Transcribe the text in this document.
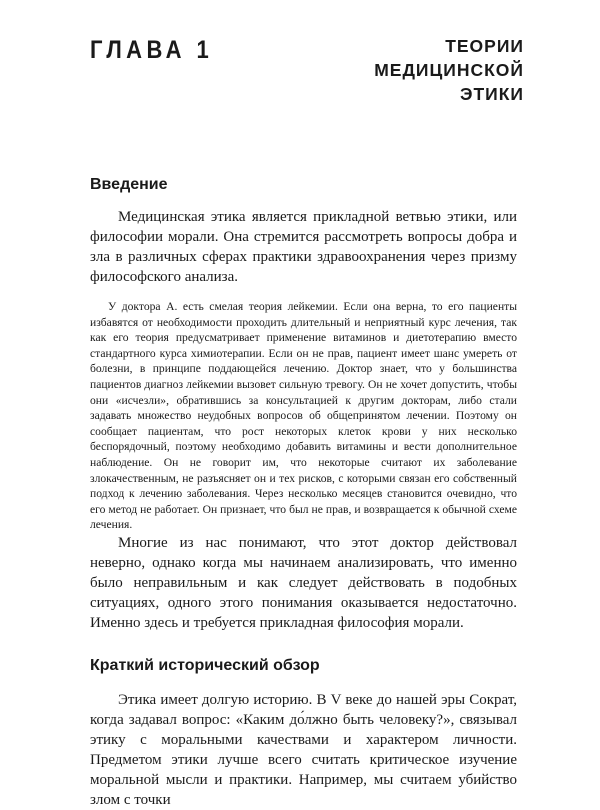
ГЛАВА 1	ТЕОРИИ
МЕДИЦИНСКОЙ
ЭТИКИ
Введение

Медицинская этика является прикладной ветвью этики, или философии морали. Она стремится рассмотреть вопросы добра и зла в различных сферах практики здравоохранения через призму философского анализа.

У доктора А. есть смелая теория лейкемии. Если она верна, то его пациенты избавятся от необходимости проходить длительный и неприятный курс лечения, так как его теория предусматривает применение витаминов и диетотерапию вместо стандартного курса химиотерапии. Если он не прав, пациент имеет шанс умереть от болезни, в принципе поддающейся лечению. Доктор знает, что у большинства пациентов диагноз лейкемии вызовет сильную тревогу. Он не хочет допустить, чтобы они «исчезли», обратившись за консультацией к другим докторам, либо стали задавать множество неудобных вопросов об общепринятом лечении. Поэтому он сообщает пациентам, что рост некоторых клеток крови у них несколько беспорядочный, поэтому необходимо добавить витамины и вести дополнительное наблюдение. Он не говорит им, что некоторые считают их заболевание злокачественным, не разъясняет он и тех рисков, с которыми связан его собственный подход к лечению заболевания. Через несколько месяцев становится очевидно, что его метод не работает. Он признает, что был не прав, и возвращается к обычной схеме лечения.

Многие из нас понимают, что этот доктор действовал неверно, однако когда мы начинаем анализировать, что именно было неправильным и как следует действовать в подобных ситуациях, одного этого понимания оказывается недостаточно. Именно здесь и требуется прикладная философия морали.

Краткий исторический обзор

Этика имеет долгую историю. В V веке до нашей эры Сократ, когда задавал вопрос: «Каким до́лжно быть человеку?», связывал этику с моральными качествами и характером личности. Предметом этики лучше всего считать критическое изучение моральной мысли и практики. Например, мы считаем убийство злом с точки
